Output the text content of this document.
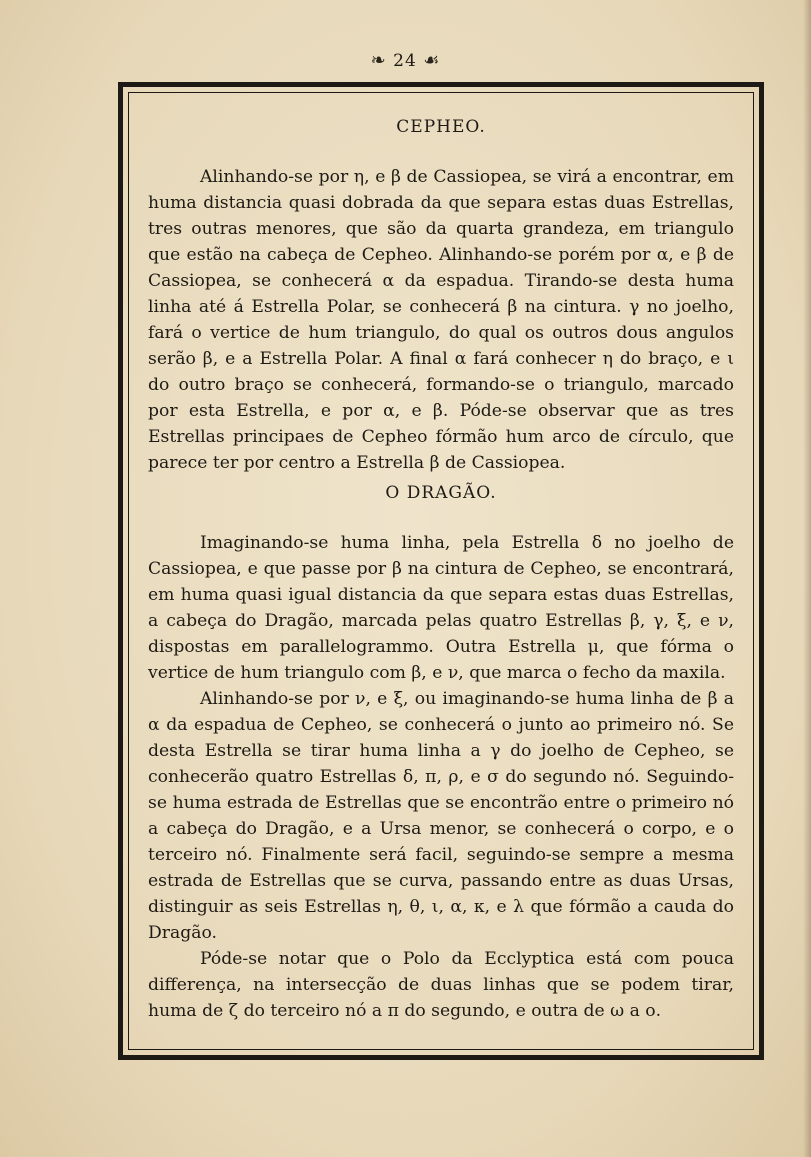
❧ 24 ☙
CEPHEO.

Alinhando-se por η, e β de Cassiopea, se virá a encontrar, em huma distancia quasi dobrada da que separa estas duas Estrellas, tres outras menores, que são da quarta grandeza, em triangulo que estão na cabeça de Cepheo. Alinhando-se porém por α, e β de Cassiopea, se conhecerá α da espadua. Tirando-se desta huma linha até á Estrella Polar, se conhecerá β na cintura. γ no joelho, fará o vertice de hum triangulo, do qual os outros dous angulos serão β, e a Estrella Polar. A final α fará conhecer η do braço, e ι do outro braço se conhecerá, formando-se o triangulo, marcado por esta Estrella, e por α, e β. Póde-se observar que as tres Estrellas principaes de Cepheo fórmão hum arco de círculo, que parece ter por centro a Estrella β de Cassiopea.

O DRAGÃO.

Imaginando-se huma linha, pela Estrella δ no joelho de Cassiopea, e que passe por β na cintura de Cepheo, se encontrará, em huma quasi igual distancia da que separa estas duas Estrellas, a cabeça do Dragão, marcada pelas quatro Estrellas β, γ, ξ, e ν, dispostas em parallelogrammo. Outra Estrella μ, que fórma o vertice de hum triangulo com β, e ν, que marca o fecho da maxila.

Alinhando-se por ν, e ξ, ou imaginando-se huma linha de β a α da espadua de Cepheo, se conhecerá ο junto ao primeiro nó. Se desta Estrella se tirar huma linha a γ do joelho de Cepheo, se conhecerão quatro Estrellas δ, π, ρ, e σ do segundo nó. Seguindo-se huma estrada de Estrellas que se encontrão entre o primeiro nó a cabeça do Dragão, e a Ursa menor, se conhecerá o corpo, e o terceiro nó. Finalmente será facil, seguindo-se sempre a mesma estrada de Estrellas que se curva, passando entre as duas Ursas, distinguir as seis Estrellas η, θ, ι, α, κ, e λ que fórmão a cauda do Dragão.

Póde-se notar que o Polo da Ecclyptica está com pouca differença, na intersecção de duas linhas que se podem tirar, huma de ζ do terceiro nó a π do segundo, e outra de ω a ο.
